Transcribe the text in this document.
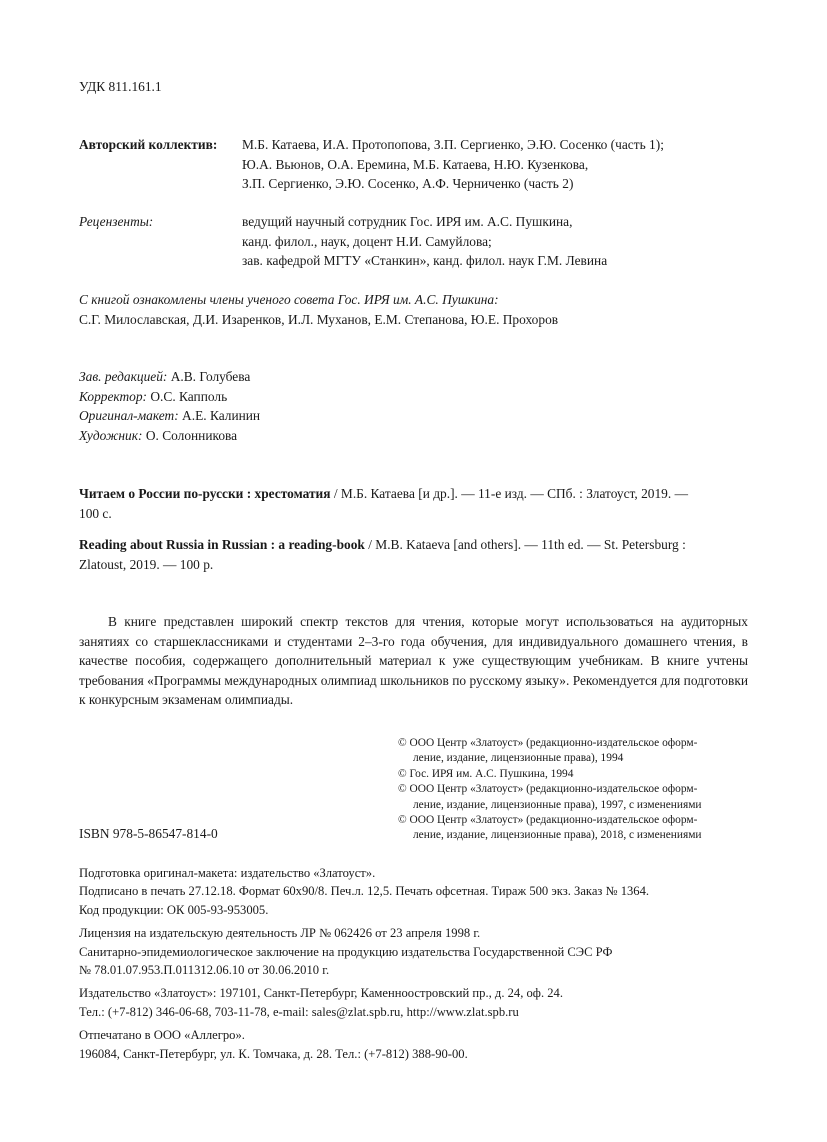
УДК 811.161.1
Авторский коллектив: М.Б. Катаева, И.А. Протопопова, З.П. Сергиенко, Э.Ю. Сосенко (часть 1);
Ю.А. Вьюнов, О.А. Еремина, М.Б. Катаева, Н.Ю. Кузенкова,
З.П. Сергиенко, Э.Ю. Сосенко, А.Ф. Черниченко (часть 2)
Рецензенты:	ведущий научный сотрудник Гос. ИРЯ им. А.С. Пушкина,
канд. филол., наук, доцент Н.И. Самуйлова;
зав. кафедрой МГТУ «Станкин», канд. филол. наук Г.М. Левина
С книгой ознакомлены члены ученого совета Гос. ИРЯ им. А.С. Пушкина:
С.Г. Милославская, Д.И. Изаренков, И.Л. Муханов, Е.М. Степанова, Ю.Е. Прохоров
Зав. редакцией: А.В. Голубева
Корректор: О.С. Капполь
Оригинал-макет: А.Е. Калинин
Художник: О. Солонникова
Читаем о России по-русски : хрестоматия / М.Б. Катаева [и др.]. — 11-е изд. — СПб. : Златоуст, 2019. —
100 с.
Reading about Russia in Russian : a reading-book / M.B. Kataeva [and others]. — 11th ed. — St. Petersburg :
Zlatoust, 2019. — 100 p.

В книге представлен широкий спектр текстов для чтения, которые могут использоваться на аудиторных занятиях со старшеклассниками и студентами 2–3-го года обучения, для индивидуального домашнего чтения, в качестве пособия, содержащего дополнительный материал к уже существующим учебникам. В книге учтены требования «Программы международных олимпиад школьников по русскому языку». Рекомендуется для подготовки к конкурсным экзаменам олимпиады.

© ООО Центр «Златоуст» (редакционно-издательское оформ-
ление, издание, лицензионные права), 1994
© Гос. ИРЯ им. А.С. Пушкина, 1994
© ООО Центр «Златоуст» (редакционно-издательское оформ-
ление, издание, лицензионные права), 1997, с изменениями
© ООО Центр «Златоуст» (редакционно-издательское оформ-
ление, издание, лицензионные права), 2018, с изменениями
ISBN 978-5-86547-814-0
Подготовка оригинал-макета: издательство «Златоуст».
Подписано в печать 27.12.18. Формат 60x90/8. Печ.л. 12,5. Печать офсетная. Тираж 500 экз. Заказ № 1364.
Код продукции: ОК 005-93-953005.
Лицензия на издательскую деятельность ЛР № 062426 от 23 апреля 1998 г.
Санитарно-эпидемиологическое заключение на продукцию издательства Государственной СЭС РФ
№ 78.01.07.953.П.011312.06.10 от 30.06.2010 г.
Издательство «Златоуст»: 197101, Санкт-Петербург, Каменноостровский пр., д. 24, оф. 24.
Тел.: (+7-812) 346-06-68, 703-11-78, e-mail: sales@zlat.spb.ru, http://www.zlat.spb.ru
Отпечатано в ООО «Аллегро».
196084, Санкт-Петербург, ул. К. Томчака, д. 28. Тел.: (+7-812) 388-90-00.
